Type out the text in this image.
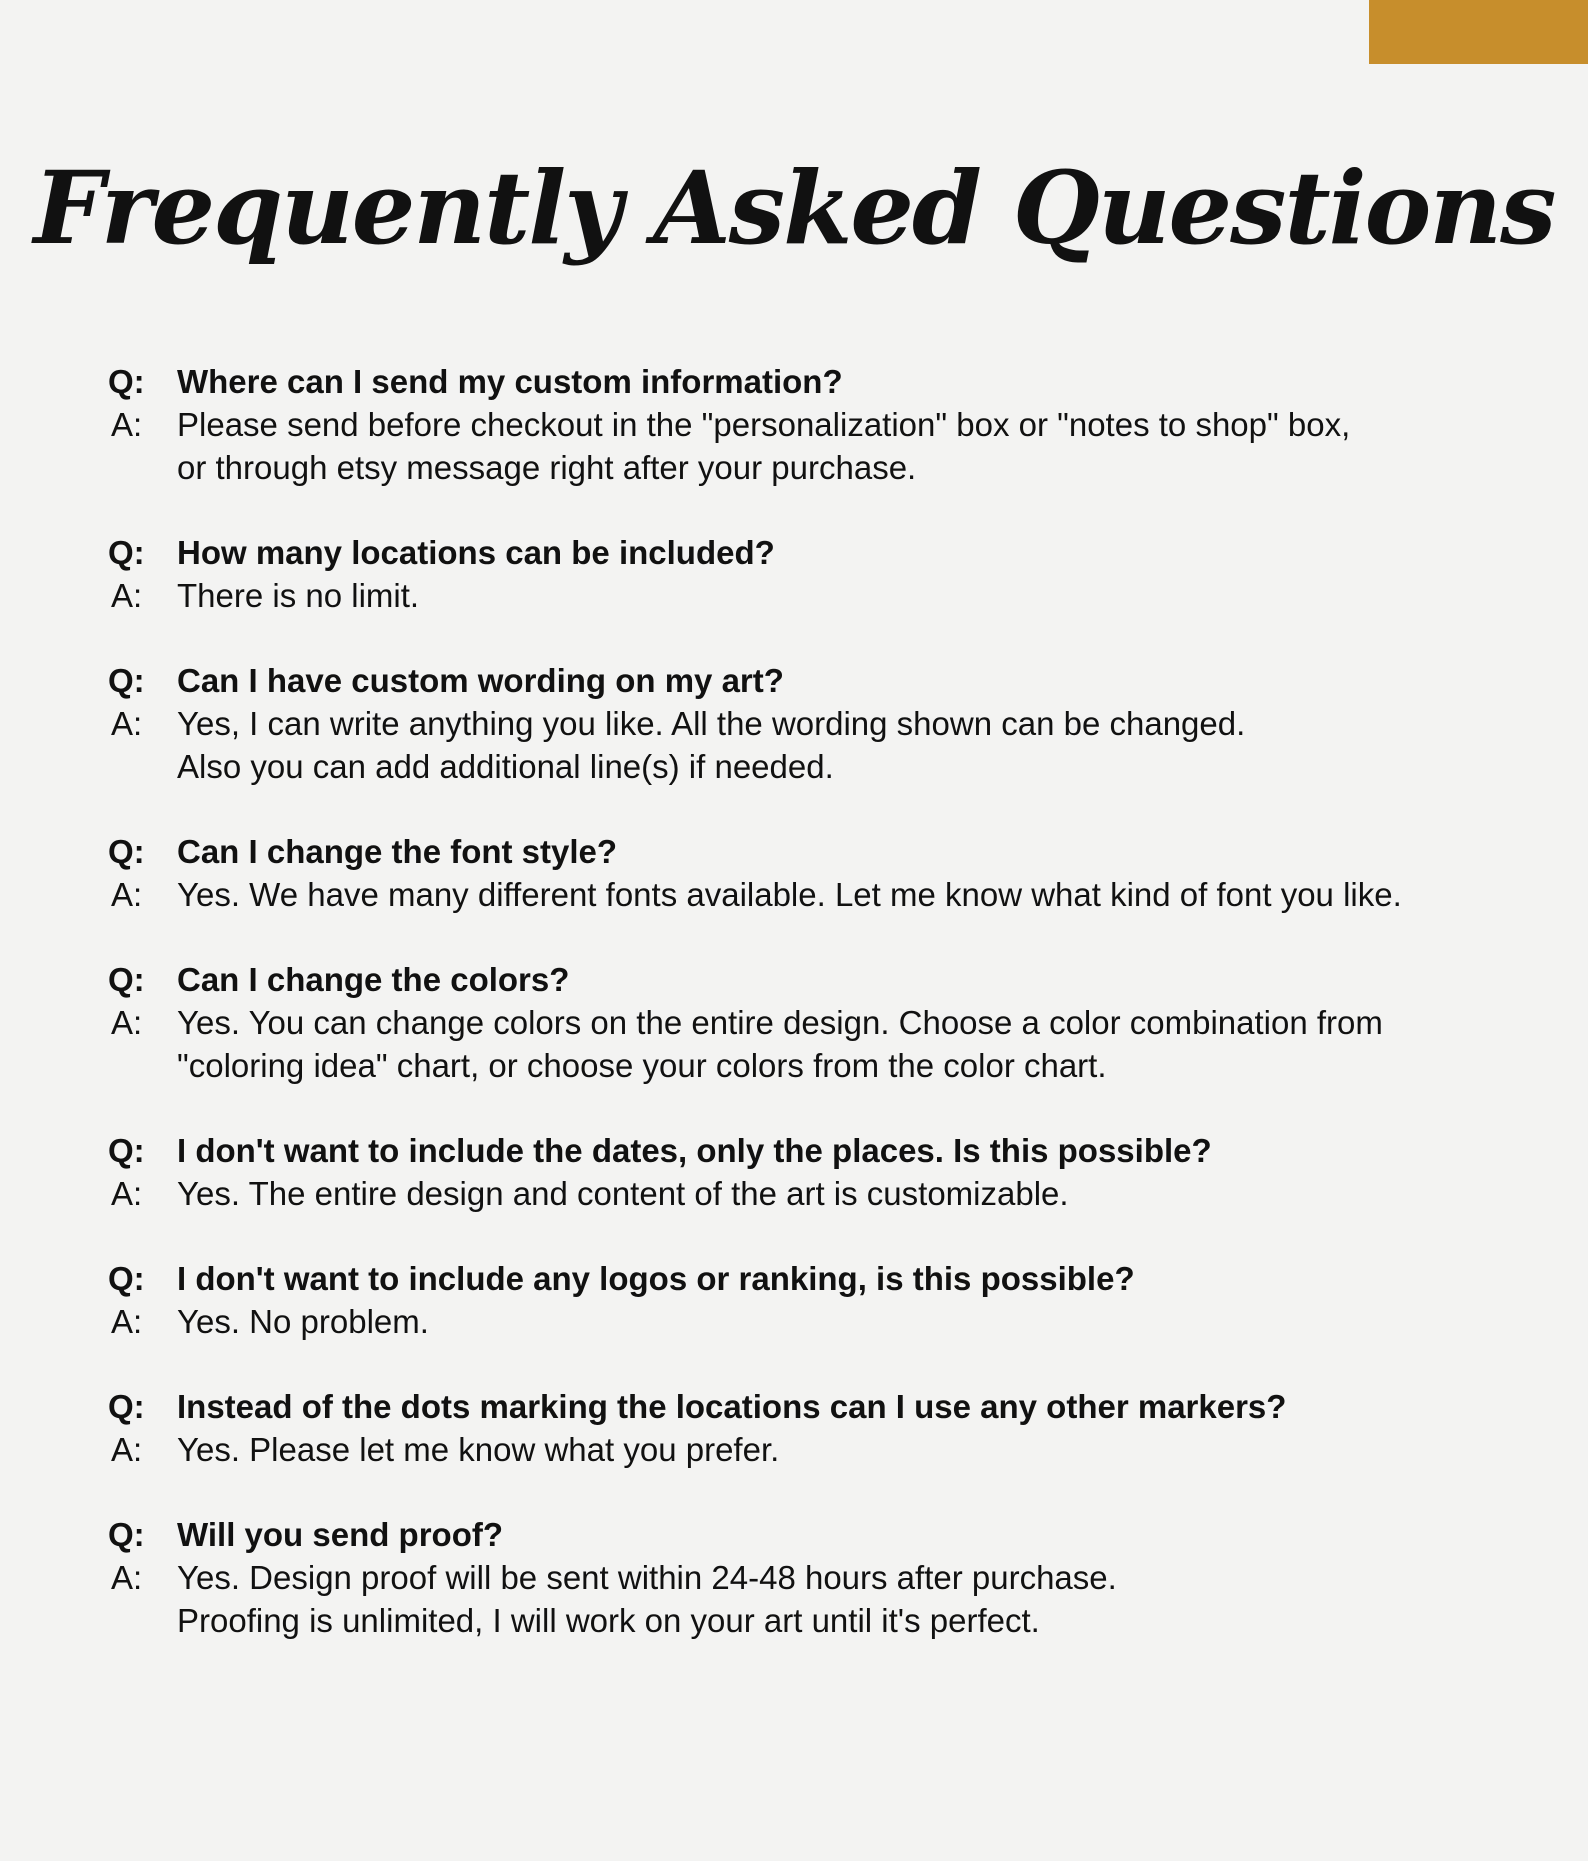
Frequently Asked Questions
Q: Where can I send my custom information?
A:	Please send before checkout in the "personalization" box or "notes to shop" box,
or through etsy message right after your purchase.
Q: How many locations can be included?
A:	There is no limit.
Q: Can I have custom wording on my art?
A:	Yes, I can write anything you like. All the wording shown can be changed.
Also you can add additional line(s) if needed.
Q: Can I change the font style?
A:	Yes. We have many different fonts available. Let me know what kind of font you like.
Q: Can I change the colors?
A:	Yes. You can change colors on the entire design. Choose a color combination from
"coloring idea" chart, or choose your colors from the color chart.
Q: I don't want to include the dates, only the places. Is this possible?
A:	Yes. The entire design and content of the art is customizable.
Q: I don't want to include any logos or ranking, is this possible?
A:	Yes. No problem.
Q: Instead of the dots marking the locations can I use any other markers?
A:	Yes. Please let me know what you prefer.
Q: Will you send proof?
A:	Yes. Design proof will be sent within 24-48 hours after purchase.
Proofing is unlimited, I will work on your art until it's perfect.
